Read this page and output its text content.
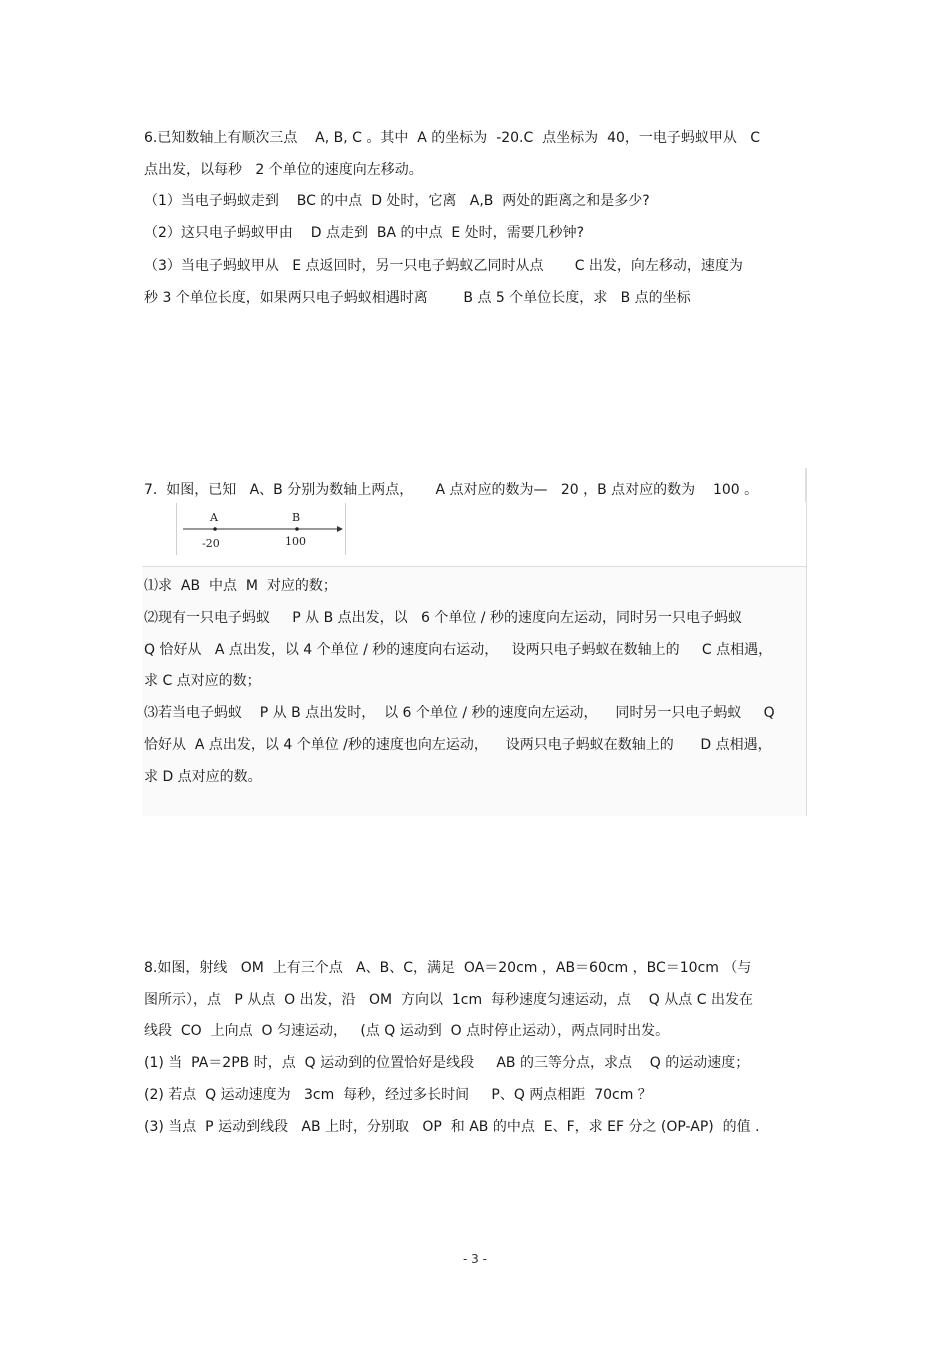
6.已知数轴上有顺次三点    A, B, C 。其中  A 的坐标为  -20.C  点坐标为  40，一电子蚂蚁甲从   C
点出发，以每秒   2 个单位的速度向左移动。
（1）当电子蚂蚁走到    BC 的中点  D 处时，它离   A,B  两处的距离之和是多少?
（2）这只电子蚂蚁甲由    D 点走到  BA 的中点  E 处时，需要几秒钟?
（3）当电子蚂蚁甲从   E 点返回时，另一只电子蚂蚁乙同时从点       C 出发，向左移动，速度为
秒 3 个单位长度，如果两只电子蚂蚁相遇时离        B 点 5 个单位长度，求   B 点的坐标
7.  如图，已知   A、B 分别为数轴上两点，     A 点对应的数为—   20 ，B 点对应的数为    100 。
A	B
-20	100
⑴求  AB  中点  M  对应的数；
⑵现有一只电子蚂蚁     P 从 B 点出发，以   6 个单位 / 秒的速度向左运动，同时另一只电子蚂蚁
Q 恰好从   A 点出发，以 4 个单位 / 秒的速度向右运动，   设两只电子蚂蚁在数轴上的     C 点相遇，
求 C 点对应的数；
⑶若当电子蚂蚁    P 从 B 点出发时，  以 6 个单位 / 秒的速度向左运动，    同时另一只电子蚂蚁     Q
恰好从  A 点出发，以 4 个单位 /秒的速度也向左运动，    设两只电子蚂蚁在数轴上的      D 点相遇，
求 D 点对应的数。
8.如图，射线   OM  上有三个点   A、B、C，满足  OA＝20cm ，AB＝60cm ，BC＝10cm （与
图所示），点   P 从点  O 出发，沿   OM  方向以  1cm  每秒速度匀速运动，点    Q 从点 C 出发在
线段  CO  上向点  O 匀速运动，   (点 Q 运动到  O 点时停止运动），两点同时出发。
(1) 当  PA＝2PB 时，点  Q 运动到的位置恰好是线段     AB 的三等分点，求点    Q 的运动速度；
(2) 若点  Q 运动速度为   3cm  每秒，经过多长时间     P、Q 两点相距  70cm ？
(3) 当点  P 运动到线段   AB 上时，分别取   OP  和 AB 的中点  E、F，求 EF 分之 (OP-AP)  的值 .
- 3 -
